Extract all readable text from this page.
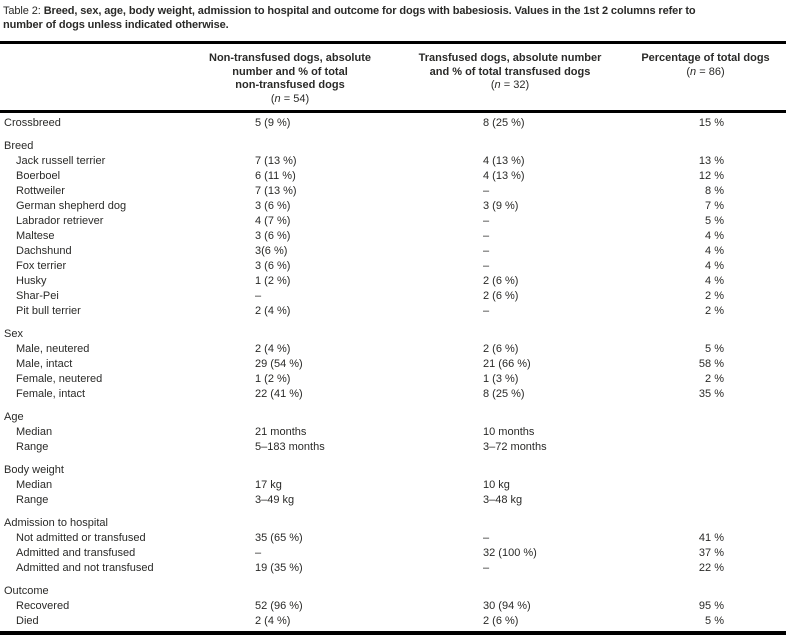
Table 2: Breed, sex, age, body weight, admission to hospital and outcome for dogs with babesiosis. Values in the 1st 2 columns refer to
number of dogs unless indicated otherwise.
Non-transfused dogs, absolute
number and % of total
non-transfused dogs
(n = 54)
Transfused dogs, absolute number
and % of total transfused dogs
(n = 32)
Percentage of total dogs
(n = 86)
Crossbreed	5 (9 %)	8 (25 %)	15 %
Breed
Jack russell terrier	7 (13 %)	4 (13 %)	13 %
Boerboel	6 (11 %)	4 (13 %)	12 %
Rottweiler	7 (13 %)	–	8 %
German shepherd dog	3 (6 %)	3 (9 %)	7 %
Labrador retriever	4 (7 %)	–	5 %
Maltese	3 (6 %)	–	4 %
Dachshund	3(6 %)	–	4 %
Fox terrier	3 (6 %)	–	4 %
Husky	1 (2 %)	2 (6 %)	4 %
Shar-Pei	–	2 (6 %)	2 %
Pit bull terrier	2 (4 %)	–	2 %
Sex
Male, neutered	2 (4 %)	2 (6 %)	5 %
Male, intact	29 (54 %)	21 (66 %)	58 %
Female, neutered	1 (2 %)	1 (3 %)	2 %
Female, intact	22 (41 %)	8 (25 %)	35 %
Age
Median	21 months	10 months
Range	5–183 months	3–72 months
Body weight
Median	17 kg	10 kg
Range	3–49 kg	3–48 kg
Admission to hospital
Not admitted or transfused	35 (65 %)	–	41 %
Admitted and transfused	–	32 (100 %)	37 %
Admitted and not transfused	19 (35 %)	–	22 %
Outcome
Recovered	52 (96 %)	30 (94 %)	95 %
Died	2 (4 %)	2 (6 %)	5 %
